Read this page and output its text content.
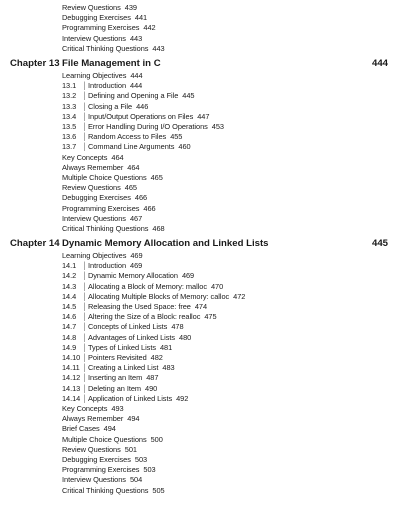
Review Questions 439
Debugging Exercises 441
Programming Exercises 442
Interview Questions 443
Critical Thinking Questions 443
Chapter 13 File Management in C	444
Learning Objectives 444
13.1 │Introduction 444
13.2 │Defining and Opening a File 445
13.3 │Closing a File 446
13.4 │Input/Output Operations on Files 447
13.5 │Error Handling During I/O Operations 453
13.6 │Random Access to Files 455
13.7 │Command Line Arguments 460
Key Concepts 464
Always Remember 464
Multiple Choice Questions 465
Review Questions 465
Debugging Exercises 466
Programming Exercises 466
Interview Questions 467
Critical Thinking Questions 468
Chapter 14 Dynamic Memory Allocation and Linked Lists	445
Learning Objectives 469
14.1 │Introduction 469
14.2 │Dynamic Memory Allocation 469
14.3 │Allocating a Block of Memory: malloc 470
14.4 │Allocating Multiple Blocks of Memory: calloc 472
14.5 │Releasing the Used Space: free 474
14.6 │Altering the Size of a Block: realloc 475
14.7 │Concepts of Linked Lists 478
14.8 │Advantages of Linked Lists 480
14.9 │Types of Linked Lists 481
14.10 │Pointers Revisited 482
14.11 │Creating a Linked List 483
14.12 │Inserting an Item 487
14.13 │Deleting an Item 490
14.14 │Application of Linked Lists 492
Key Concepts 493
Always Remember 494
Brief Cases 494
Multiple Choice Questions 500
Review Questions 501
Debugging Exercises 503
Programming Exercises 503
Interview Questions 504
Critical Thinking Questions 505
